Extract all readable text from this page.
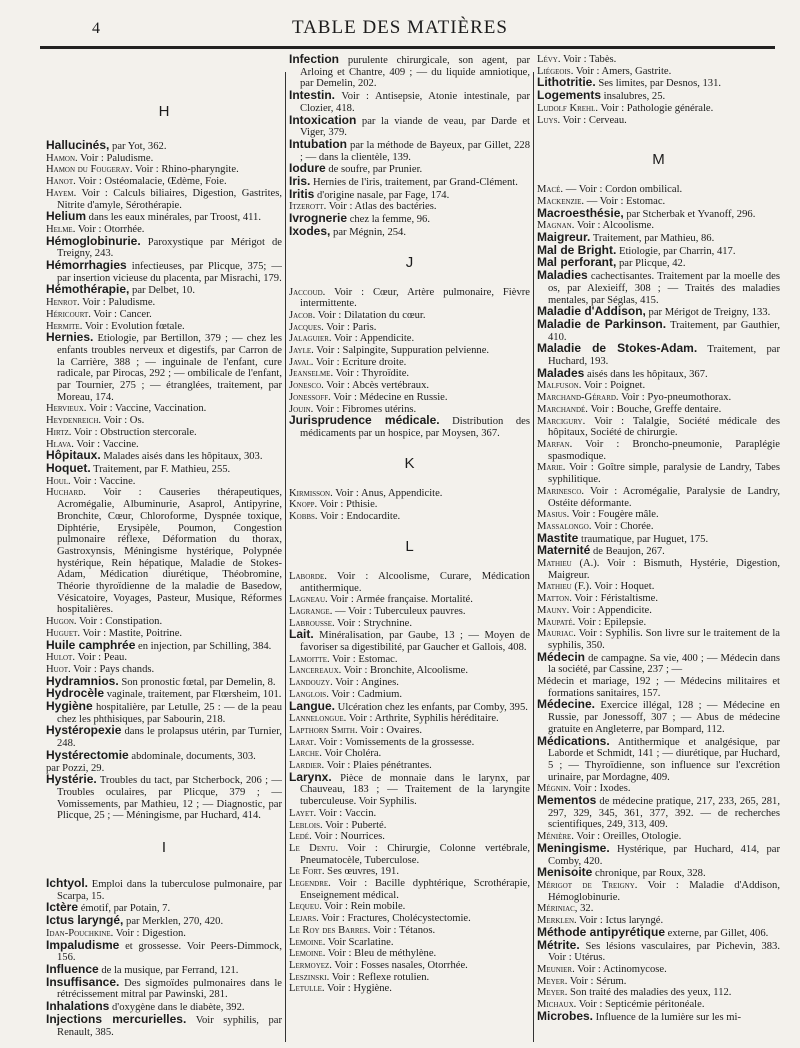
4	TABLE DES MATIÈRES
H

Hallucinés, par Yot, 362.

Hamon. Voir : Paludisme.

Hamon du Fougeray. Voir : Rhino-pharyngite.

Hanot. Voir : Ostéomalacie, Œdème, Foie.

Hayem. Voir : Calculs biliaires, Digestion, Gastrites, Nitrite d'amyle, Sérothérapie.

Helium dans les eaux minérales, par Troost, 411.

Helme. Voir : Otorrhée.

Hémoglobinurie. Paroxystique par Mérigot de Treigny, 243.

Hémorrhagies infectieuses, par Plicque, 375; — par insertion vicieuse du placenta, par Misrachi, 179.

Hémothérapie, par Delbet, 10.

Henrot. Voir : Paludisme.

Héricourt. Voir : Cancer.

Hermite. Voir : Evolution fœtale.

Hernies. Etiologie, par Bertillon, 379 ; — chez les enfants troubles nerveux et digestifs, par Carron de la Carrière, 388 ; — inguinale de l'enfant, cure radicale, par Pirocas, 292 ; — ombilicale de l'enfant, par Tournier, 275 ; — étranglées, traitement, par Moreau, 174.

Hervieux. Voir : Vaccine, Vaccination.

Heydenreich. Voir : Os.

Hirtz. Voir : Obstruction stercorale.

Hlava. Voir : Vaccine.

Hôpitaux. Malades aisés dans les hôpitaux, 303.

Hoquet. Traitement, par F. Mathieu, 255.

Houl. Voir : Vaccine.

Huchard. Voir : Causeries thérapeutiques, Acromégalie, Albuminurie, Asaprol, Antipyrine, Bronchite, Cœur, Chloroforme, Dyspnée toxique, Diphtérie, Erysipèle, Poumon, Congestion pulmonaire réflexe, Déformation du thorax, Gastroxynsis, Méningisme hystérique, Polypnée hystérique, Rein hépatique, Maladie de Stokes-Adam, Médication diurétique, Théobromine, Théorie thyroïdienne de la maladie de Basedow, Vésicatoire, Voyages, Pasteur, Musique, Réformes hospitalières.

Hugon. Voir : Constipation.

Huguet. Voir : Mastite, Poitrine.

Huile camphrée en injection, par Schilling, 384.

Hulot. Voir : Peau.

Huot. Voir : Pays chands.

Hydramnios. Son pronostic fœtal, par Demelin, 8.

Hydrocèle vaginale, traitement, par Flœrsheim, 101.

Hygiène hospitalière, par Letulle, 25 : — de la peau chez les phthisiques, par Sabourin, 218.

Hystéropexie dans le prolapsus utérin, par Turnier, 248.

Hystérectomie abdominale, documents, 303.

par Pozzi, 29.

Hystérie. Troubles du tact, par Stcherbock, 206 ; — Troubles oculaires, par Plicque, 379 ; — Vomissements, par Mathieu, 12 ; — Diagnostic, par Plicque, 25 ; — Méningisme, par Huchard, 414.

I

Ichtyol. Emploi dans la tuberculose pulmonaire, par Scarpa, 15.

Ictère émotif, par Potain, 7.

Ictus laryngé, par Merklen, 270, 420.

Idan-Pouchkine. Voir : Digestion.

Impaludisme et grossesse. Voir Peers-Dimmock, 156.

Influence de la musique, par Ferrand, 121.

Insuffisance. Des sigmoïdes pulmonaires dans le rétrécissement mitral par Pawinski, 281.

Inhalations d'oxygène dans le diabète, 392.

Injections mercurielles. Voir syphilis, par Renault, 385.

Infection purulente chirurgicale, son agent, par Arloing et Chantre, 409 ; — du liquide amniotique, par Demelin, 202.

Intestin. Voir : Antisepsie, Atonie intestinale, par Clozier, 418.

Intoxication par la viande de veau, par Darde et Viger, 379.

Intubation par la méthode de Bayeux, par Gillet, 228 ; — dans la clientèle, 139.

Iodure de soufre, par Prunier.

Iris. Hernies de l'iris, traitement, par Grand-Clément.

Iritis d'origine nasale, par Fage, 174.

Itzerott. Voir : Atlas des bactéries.

Ivrognerie chez la femme, 96.

Ixodes, par Mégnin, 254.

J

Jaccoud. Voir : Cœur, Artère pulmonaire, Fièvre intermittente.

Jacob. Voir : Dilatation du cœur.

Jacques. Voir : Paris.

Jalaguier. Voir : Appendicite.

Jayle. Voir : Salpingite, Suppuration pelvienne.

Javal. Voir : Ecriture droite.

Jeanselme. Voir : Thyroïdite.

Jonesco. Voir : Abcès vertébraux.

Jonessoff. Voir : Médecine en Russie.

Jouin. Voir : Fibromes utérins.

Jurisprudence médicale. Distribution des médicaments par un hospice, par Moysen, 367.

K

Kirmisson. Voir : Anus, Appendicite.

Knopp. Voir : Pthisie.

Kobbs. Voir : Endocardite.

L

Laborde. Voir : Alcoolisme, Curare, Médication antithermique.

Lagneau. Voir : Armée française. Mortalité.

Lagrange. — Voir : Tuberculeux pauvres.

Labrousse. Voir : Strychnine.

Lait. Minéralisation, par Gaube, 13 ; — Moyen de favoriser sa digestibilité, par Gaucher et Gallois, 408.

Lamoitte. Voir : Estomac.

Lancereaux. Voir : Bronchite, Alcoolisme.

Landouzy. Voir : Angines.

Langlois. Voir : Cadmium.

Langue. Ulcération chez les enfants, par Comby, 395.

Lannelongue. Voir : Arthrite, Syphilis héréditaire.

Lapthorn Smith. Voir : Ovaires.

Larat. Voir : Vomissements de la grossesse.

Larche. Voir Choléra.

Lardier. Voir : Plaies pénétrantes.

Larynx. Pièce de monnaie dans le larynx, par Chauveau, 183 ; — Traitement de la laryngite tuberculeuse. Voir Syphilis.

Layet. Voir : Vaccin.

Leblois. Voir : Puberté.

Ledé. Voir : Nourrices.

Le Dentu. Voir : Chirurgie, Colonne vertébrale, Pneumatocèle, Tuberculose.

Le Fort. Ses œuvres, 191.

Legendre. Voir : Bacille dyphtérique, Scrothérapie, Enseignement médical.

Lequeu. Voir : Rein mobile.

Lejars. Voir : Fractures, Cholécystectomie.

Le Roy des Barres. Voir : Tétanos.

Lemoine. Voir Scarlatine.

Lemoine. Voir : Bleu de méthylène.

Lermoyez. Voir : Fosses nasales, Otorrhée.

Leszinski. Voir : Reflexe rotulien.

Letulle. Voir : Hygiène.

Lévy. Voir : Tabès.

Liégeois. Voir : Amers, Gastrite.

Lithotritie. Ses limites, par Desnos, 131.

Logements insalubres, 25.

Ludolf Krehl. Voir : Pathologie générale.

Luys. Voir : Cerveau.

M

Macé. — Voir : Cordon ombilical.

Mackenzie. — Voir : Estomac.

Macroesthésie, par Stcherbak et Yvanoff, 296.

Magnan. Voir : Alcoolisme.

Maigreur. Traitement, par Mathieu, 86.

Mal de Bright. Etiologie, par Charrin, 417.

Mal perforant, par Plicque, 42.

Maladies cachectisantes. Traitement par la moelle des os, par Alexieiff, 308 ; — Traités des maladies mentales, par Séglas, 415.

Maladie d'Addison, par Mérigot de Treigny, 133.

Maladie de Parkinson. Traitement, par Gauthier, 410.

Maladie de Stokes-Adam. Traitement, par Huchard, 193.

Malades aisés dans les hôpitaux, 367.

Malfuson. Voir : Poignet.

Marchand-Gérard. Voir : Pyo-pneumothorax.

Marchandé. Voir : Bouche, Greffe dentaire.

Marcigury. Voir : Talalgie, Société médicale des hôpitaux, Société de chirurgie.

Marfan. Voir : Broncho-pneumonie, Paraplégie spasmodique.

Marie. Voir : Goître simple, paralysie de Landry, Tabes syphilitique.

Marinesco. Voir : Acromégalie, Paralysie de Landry, Ostéite déformante.

Masius. Voir : Fougère mâle.

Massalongo. Voir : Chorée.

Mastite traumatique, par Huguet, 175.

Maternité de Beaujon, 267.

Mathieu (A.). Voir : Bismuth, Hystérie, Digestion, Maigreur.

Mathieu (F.). Voir : Hoquet.

Matton. Voir : Féristaltisme.

Mauny. Voir : Appendicite.

Maupaté. Voir : Epilepsie.

Mauriac. Voir : Syphilis. Son livre sur le traitement de la syphilis, 350.

Médecin de campagne. Sa vie, 400 ; — Médecin dans la société, par Cassine, 237 ; —

Médecin et mariage, 192 ; — Médecins militaires et formations sanitaires, 157.

Médecine. Exercice illégal, 128 ; — Médecine en Russie, par Jonessoff, 307 ; — Abus de médecine gratuite en Angleterre, par Bompard, 112.

Médications. Antithermique et analgésique, par Laborde et Schmidt, 141 ; — diurétique, par Huchard, 5 ; — Thyroïdienne, son influence sur l'excrétion urinaire, par Mordagne, 409.

Mégnin. Voir : Ixodes.

Mementos de médecine pratique, 217, 233, 265, 281, 297, 329, 345, 361, 377, 392. — de recherches scientifiques, 249, 313, 409.

Ménière. Voir : Oreilles, Otologie.

Meningisme. Hystérique, par Huchard, 414, par Comby, 420.

Menisoite chronique, par Roux, 328.

Mérigot de Treigny. Voir : Maladie d'Addison, Hémoglobinurie.

Mériniac, 32.

Merklen. Voir : Ictus laryngé.

Méthode antipyrétique externe, par Gillet, 406.

Métrite. Ses lésions vasculaires, par Pichevin, 383. Voir : Utérus.

Meunier. Voir : Actinomycose.

Meyer. Voir : Sérum.

Meyer. Son traité des maladies des yeux, 112.

Michaux. Voir : Septicémie péritonéale.

Microbes. Influence de la lumière sur les mi-
